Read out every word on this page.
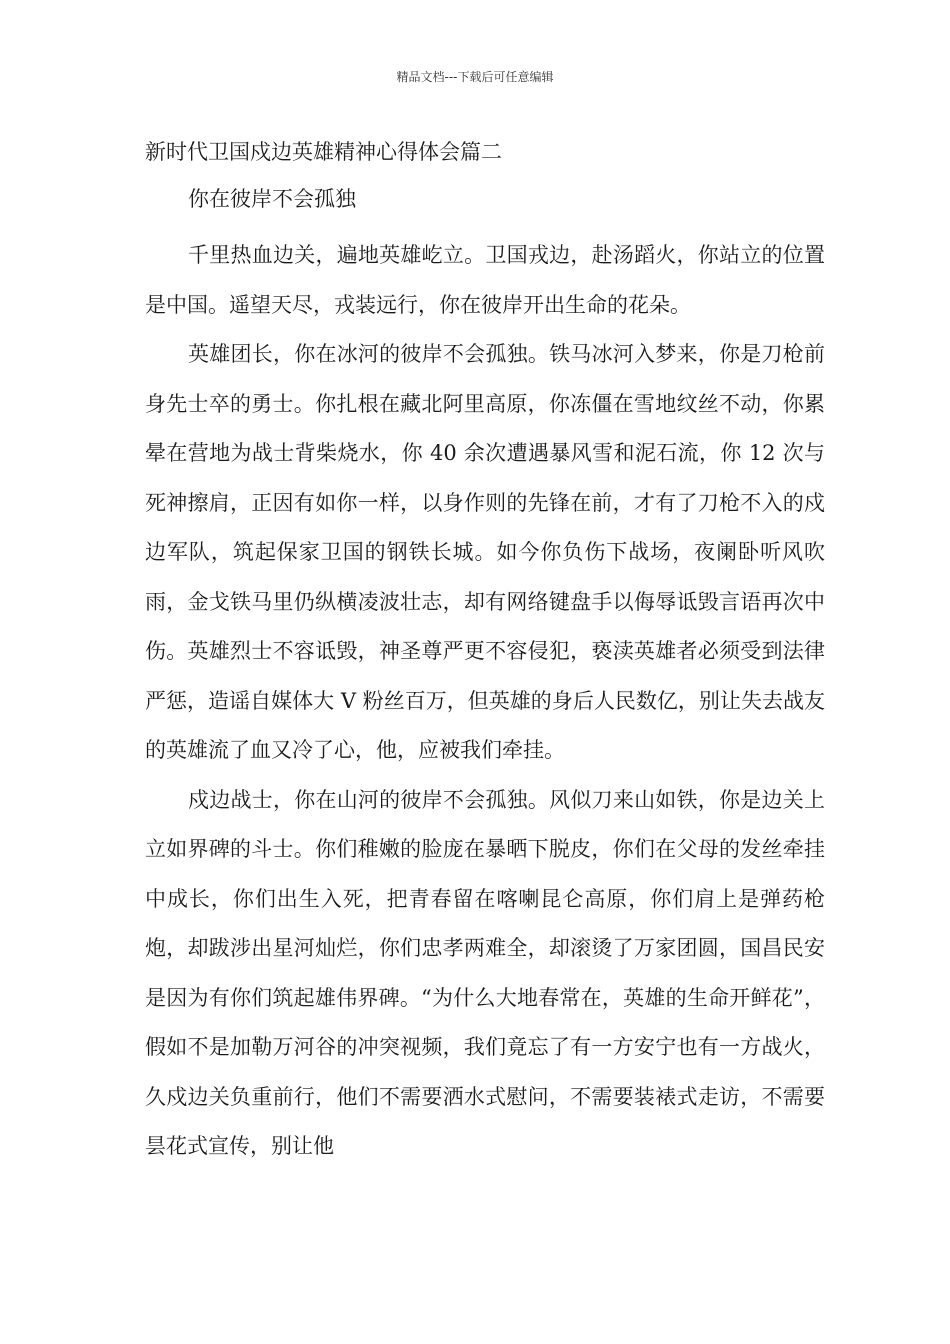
精品文档---下载后可任意编辑

新时代卫国戍边英雄精神心得体会篇二

你在彼岸不会孤独

千里热血边关，遍地英雄屹立。卫国戎边，赴汤蹈火，你站立的位置是中国。遥望天尽，戎装远行，你在彼岸开出生命的花朵。

英雄团长，你在冰河的彼岸不会孤独。铁马冰河入梦来，你是刀枪前身先士卒的勇士。你扎根在藏北阿里高原，你冻僵在雪地纹丝不动，你累晕在营地为战士背柴烧水，你 40 余次遭遇暴风雪和泥石流，你 12 次与死神擦肩，正因有如你一样，以身作则的先锋在前，才有了刀枪不入的戍边军队，筑起保家卫国的钢铁长城。如今你负伤下战场，夜阑卧听风吹雨，金戈铁马里仍纵横凌波壮志，却有网络键盘手以侮辱诋毁言语再次中伤。英雄烈士不容诋毁，神圣尊严更不容侵犯，亵渎英雄者必须受到法律严惩，造谣自媒体大 V 粉丝百万，但英雄的身后人民数亿，别让失去战友的英雄流了血又冷了心，他，应被我们牵挂。

戍边战士，你在山河的彼岸不会孤独。风似刀来山如铁，你是边关上立如界碑的斗士。你们稚嫩的脸庞在暴晒下脱皮，你们在父母的发丝牵挂中成长，你们出生入死，把青春留在喀喇昆仑高原，你们肩上是弹药枪炮，却跋涉出星河灿烂，你们忠孝两难全，却滚烫了万家团圆，国昌民安是因为有你们筑起雄伟界碑。“为什么大地春常在，英雄的生命开鲜花”，假如不是加勒万河谷的冲突视频，我们竟忘了有一方安宁也有一方战火，久戍边关负重前行，他们不需要洒水式慰问，不需要装裱式走访，不需要昙花式宣传，别让他
